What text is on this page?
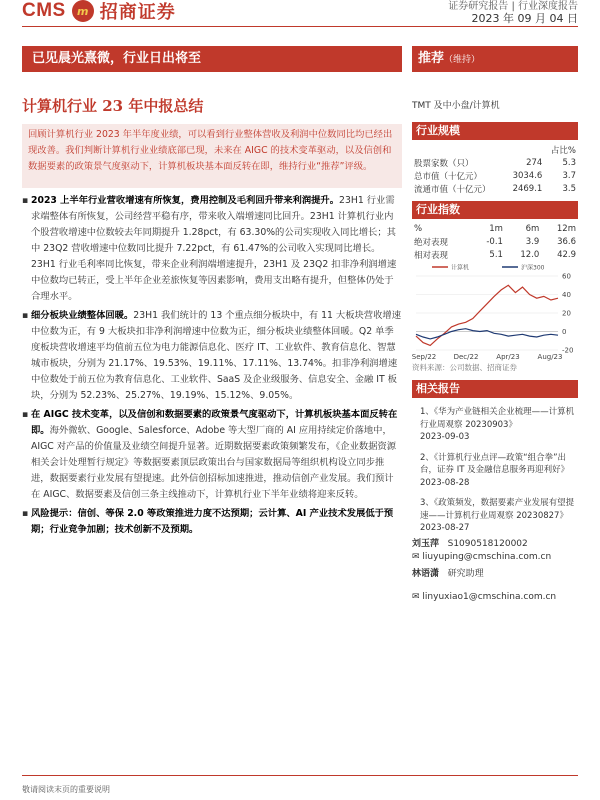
CMS	m 招商证券	证券研究报告 | 行业深度报告
2023 年 09 月 04 日
已见晨光熹微，行业日出将至
计算机行业 23 年中报总结
推荐（维持）
TMT 及中小盘/计算机
回顾计算机行业 2023 年半年度业绩，可以看到行业整体营收及利润中位数同比均已经出现改善。我们判断计算机行业业绩底部已现，未来在 AIGC 的技术变革驱动，以及信创和数据要素的政策景气度驱动下，计算机板块基本面反转在即，维持行业“推荐”评级。
▪ 2023 上半年行业营收增速有所恢复，费用控制及毛利回升带来利润提升。23H1 行业需求端整体有所恢复，公司经营平稳有序，带来收入端增速同比回升。23H1 计算机行业内个股营收增速中位数较去年同期提升 1.28pct，有 63.30%的公司实现收入同比增长；其中 23Q2 营收增速中位数同比提升 7.22pct，有 61.47%的公司收入实现同比增长。23H1 行业毛利率同比恢复，带来企业利润端增速提升，23H1 及 23Q2 扣非净利润增速中位数均已转正，受上半年企业差旅恢复等因素影响，费用支出略有提升，但整体仍处于合理水平。

▪ 细分板块业绩整体回暖。23H1 我们统计的 13 个重点细分板块中，有 11 大板块营收增速中位数为正，有 9 大板块扣非净利润增速中位数为正，细分板块业绩整体回暖。Q2 单季度板块营收增速平均值前五位为电力能源信息化、医疗 IT、工业软件、教育信息化、智慧城市板块，分别为 21.17%、19.53%、19.11%、17.11%、13.74%。扣非净利润增速中位数处于前五位为教育信息化、工业软件、SaaS 及企业级服务、信息安全、金融 IT 板块，分别为 52.23%、25.27%、19.19%、15.12%、9.05%。

▪ 在 AIGC 技术变革，以及信创和数据要素的政策景气度驱动下，计算机板块基本面反转在即。海外微软、Google、Salesforce、Adobe 等大型厂商的 AI 应用持续定价落地中，AIGC 对产品的价值量及业绩空间提升显著。近期数据要素政策频繁发布，《企业数据资源相关会计处理暂行规定》等数据要素顶层政策出台与国家数据局等组织机构设立同步推进，数据要素行业发展有望提速。此外信创招标加速推进，推动信创产业发展。我们预计在 AIGC、数据要素及信创三条主线推动下，计算机行业下半年业绩将迎来反转。

▪ 风险提示：信创、等保 2.0 等政策推进力度不达预期；云计算、AI 产业技术发展低于预期；行业竞争加剧；技术创新不及预期。

行业规模
		占比%
股票家数（只）	274	5.3
总市值（十亿元）	3034.6	3.7
流通市值（十亿元）	2469.1	3.5
行业指数
%	1m	6m	12m
绝对表现	-0.1	3.9	36.6
相对表现	5.1	12.0	42.9
计算机	沪深300
60
40
20
0
-20
Sep/22 Dec/22	Apr/23	Aug/23
资料来源：公司数据、招商证券
相关报告
1、《华为产业链相关企业梳理——计算机行业周观察 20230903》
2023-09-03
2、《计算机行业点评—政策“组合拳”出台，证券 IT 及金融信息服务再迎利好》
2023-08-28
3、《政策频发，数据要素产业发展有望提速——计算机行业周观察 20230827》
2023-08-27
刘玉萍 S1090518120002
✉ liuyuping@cmschina.com.cn
林语潇 研究助理
✉ linyuxiao1@cmschina.com.cn
敬请阅读末页的重要说明
